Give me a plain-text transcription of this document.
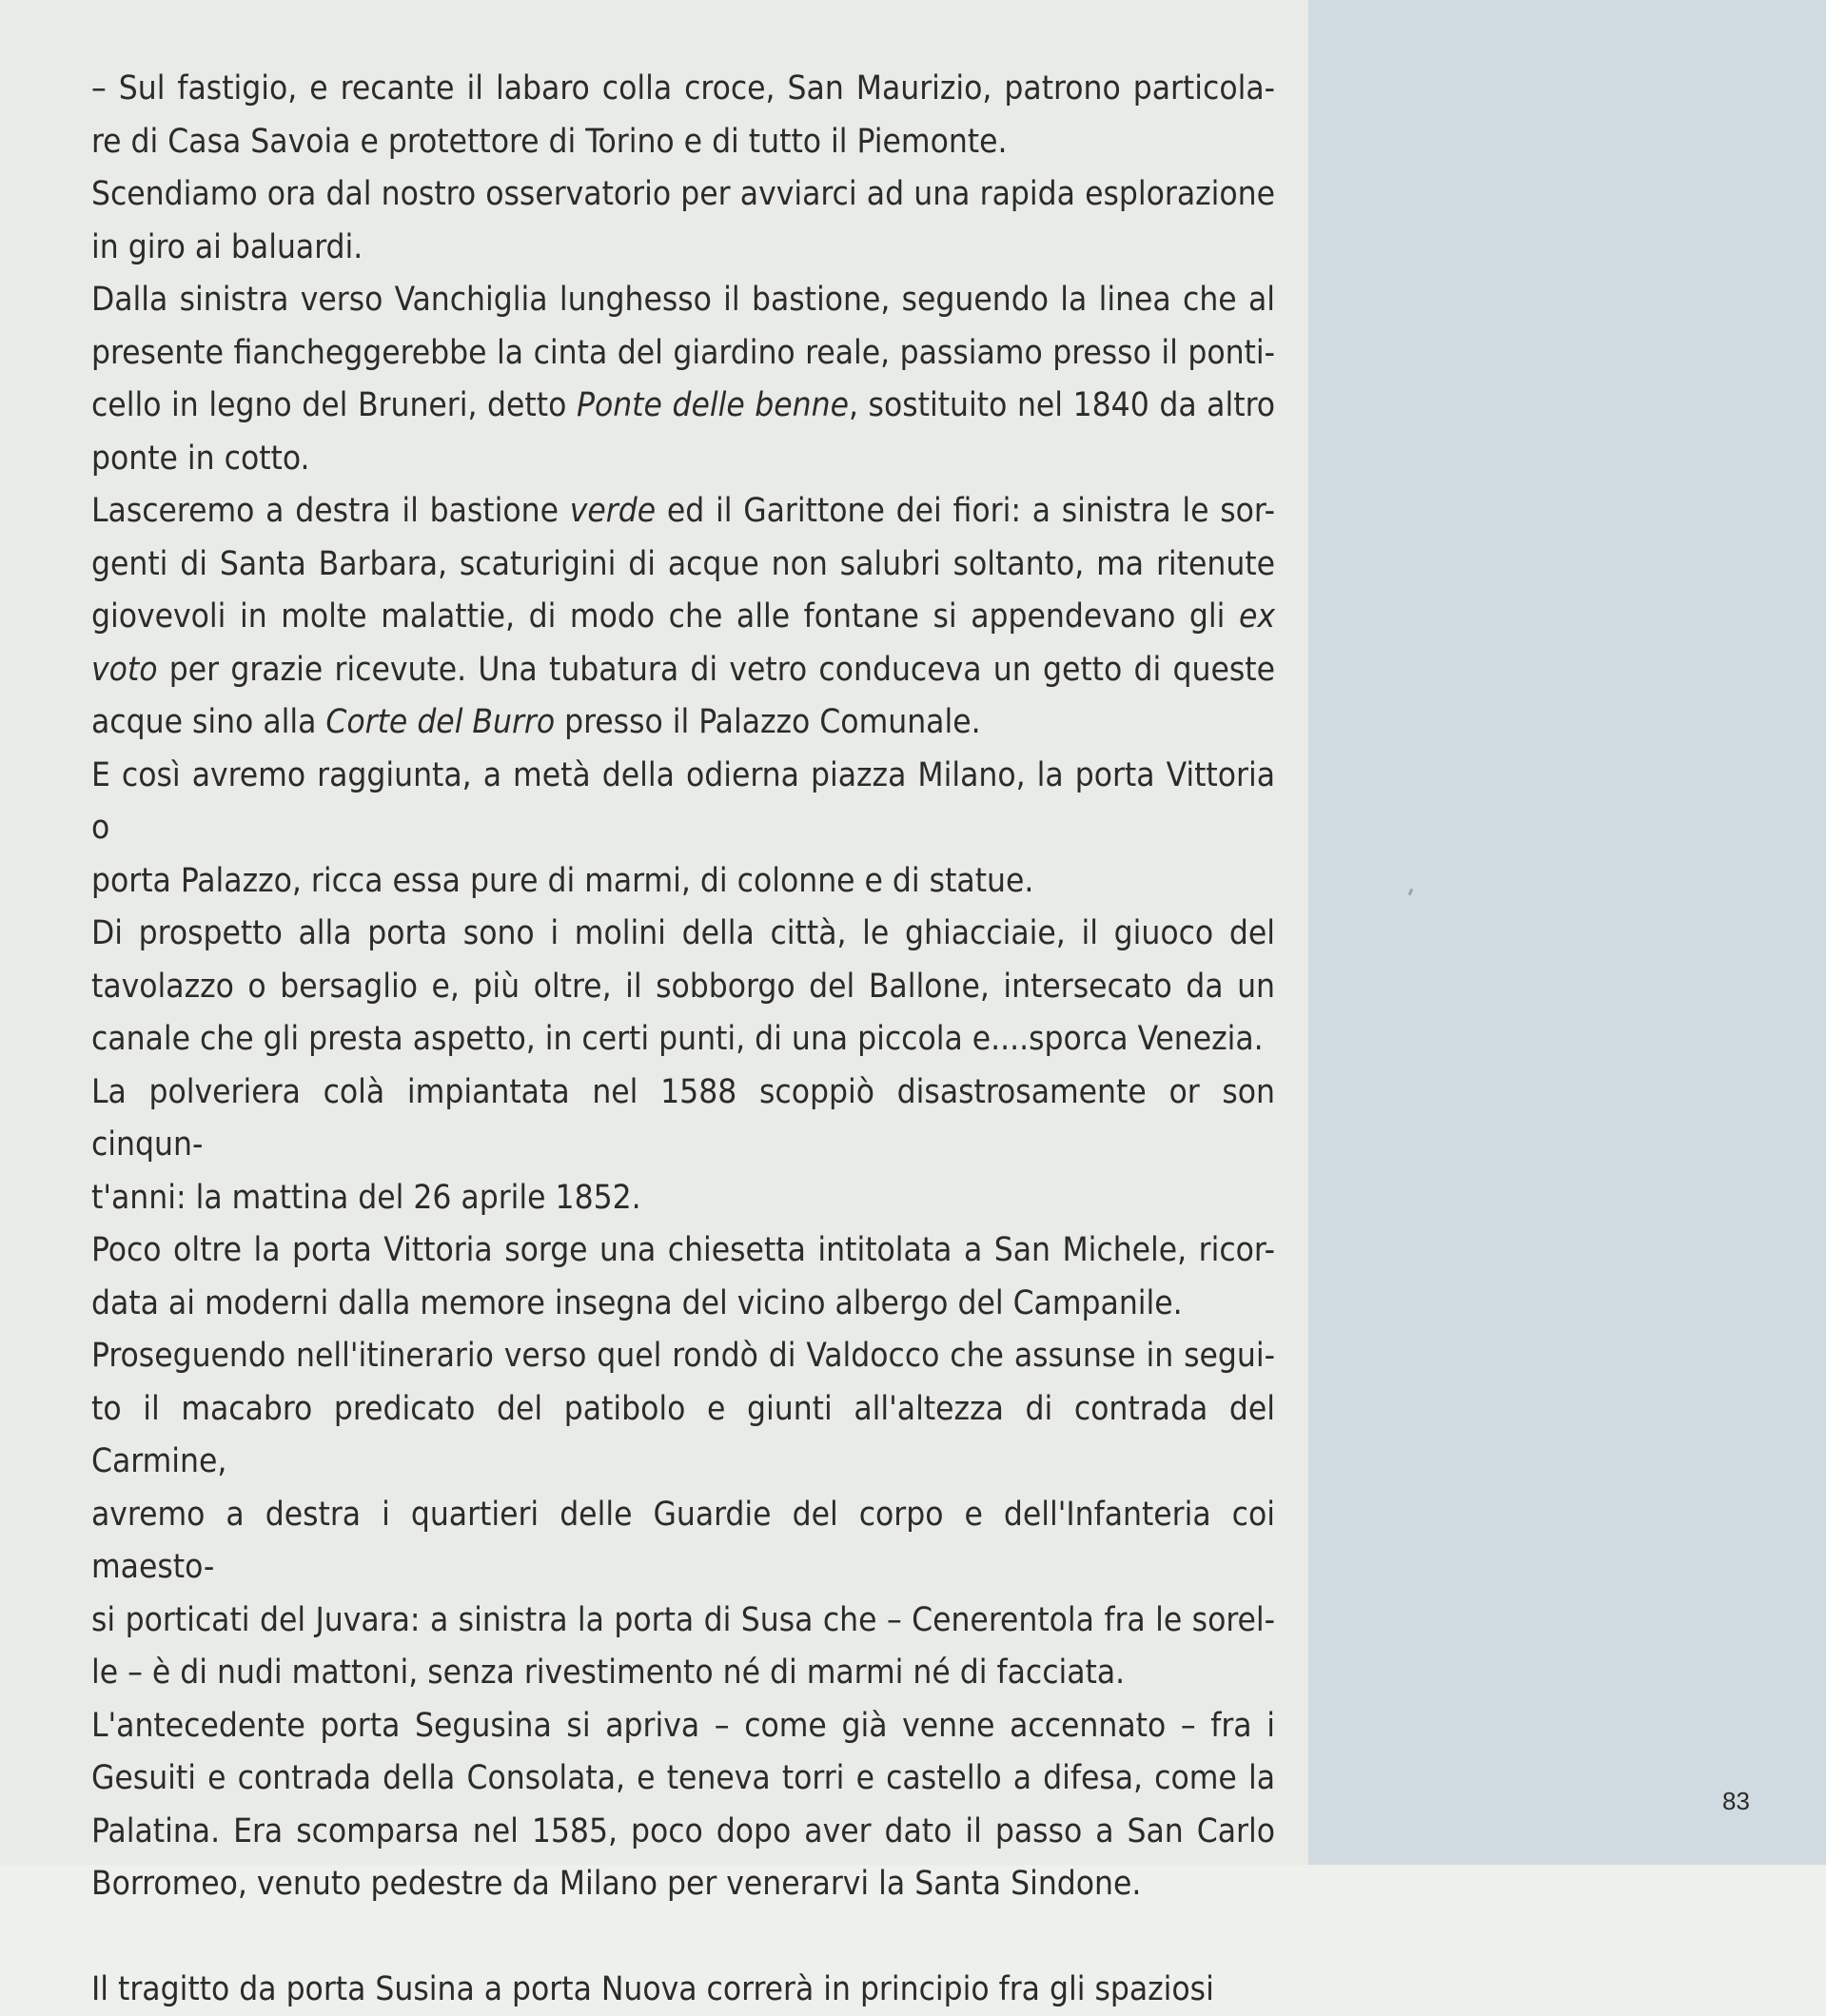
– Sul fastigio, e recante il labaro colla croce, San Maurizio, patrono particola-
re di Casa Savoia e protettore di Torino e di tutto il Piemonte.
Scendiamo ora dal nostro osservatorio per avviarci ad una rapida esplorazione
in giro ai baluardi.
Dalla sinistra verso Vanchiglia lunghesso il bastione, seguendo la linea che al
presente fiancheggerebbe la cinta del giardino reale, passiamo presso il ponti-
cello in legno del Bruneri, detto Ponte delle benne, sostituito nel 1840 da altro
ponte in cotto.
Lasceremo a destra il bastione verde ed il Garittone dei fiori: a sinistra le sor-
genti di Santa Barbara, scaturigini di acque non salubri soltanto, ma ritenute
giovevoli in molte malattie, di modo che alle fontane si appendevano gli ex
voto per grazie ricevute. Una tubatura di vetro conduceva un getto di queste
acque sino alla Corte del Burro presso il Palazzo Comunale.
E così avremo raggiunta, a metà della odierna piazza Milano, la porta Vittoria o
porta Palazzo, ricca essa pure di marmi, di colonne e di statue.
Di prospetto alla porta sono i molini della città, le ghiacciaie, il giuoco del
tavolazzo o bersaglio e, più oltre, il sobborgo del Ballone, intersecato da un
canale che gli presta aspetto, in certi punti, di una piccola e....sporca Venezia.
La polveriera colà impiantata nel 1588 scoppiò disastrosamente or son cinqun-
t'anni: la mattina del 26 aprile 1852.
Poco oltre la porta Vittoria sorge una chiesetta intitolata a San Michele, ricor-
data ai moderni dalla memore insegna del vicino albergo del Campanile.
Proseguendo nell'itinerario verso quel rondò di Valdocco che assunse in segui-
to il macabro predicato del patibolo e giunti all'altezza di contrada del Carmine,
avremo a destra i quartieri delle Guardie del corpo e dell'Infanteria coi maesto-
si porticati del Juvara: a sinistra la porta di Susa che – Cenerentola fra le sorel-
le – è di nudi mattoni, senza rivestimento né di marmi né di facciata.
L'antecedente porta Segusina si apriva – come già venne accennato – fra i
Gesuiti e contrada della Consolata, e teneva torri e castello a difesa, come la
Palatina. Era scomparsa nel 1585, poco dopo aver dato il passo a San Carlo
Borromeo, venuto pedestre da Milano per venerarvi la Santa Sindone.
Il tragitto da porta Susina a porta Nuova correrà in principio fra gli spaziosi
83
